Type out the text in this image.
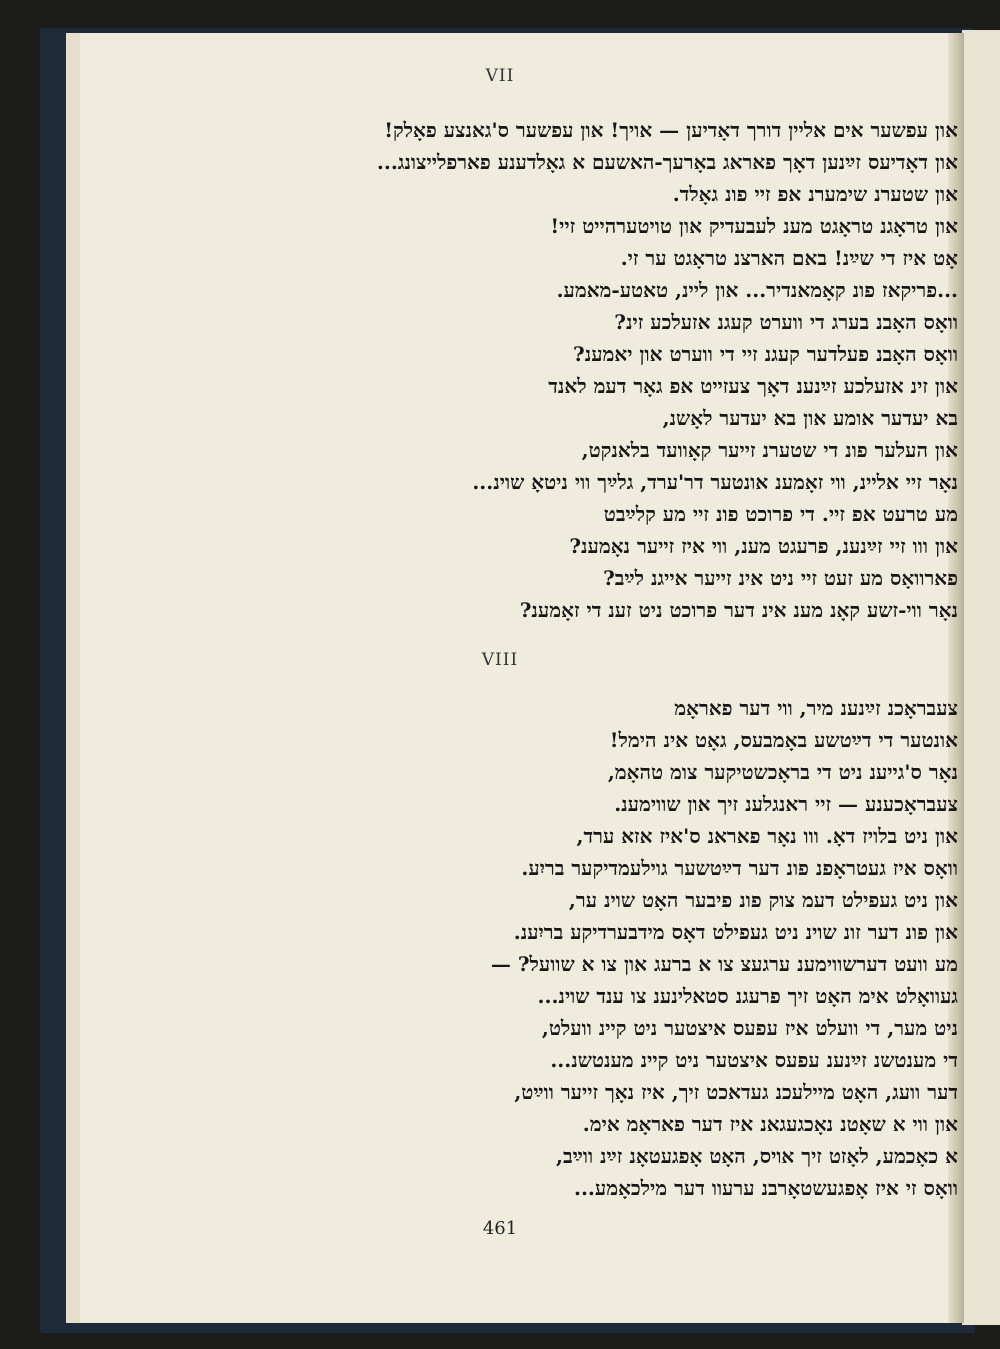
VII
און עפשער אים אליין דורך דאָדיען — אויך! און עפשער ס'גאנצע פאָלק!
און דאָדיעס זײַנען דאָך פאראג באָרעך-האשעם א גאָלדענע פארפלייצונג...
און שטערנ שימערנ אפ זיי פונ גאָלד.
און טראָגנ טראָגט מענ לעבעדיק און טויטערהייט זיי!
אָט איז די שײַנ! באם הארצנ טראָגט ער זי.
...פריקאז פונ קאָמאנדיר... און ליינ, טאטע-מאמע.
וואָס האָבנ בערג די ווערט קעגנ אזעלכע זינ?
וואָס האָבנ פעלדער קעגנ זיי די ווערט און יאמענ?
און זינ אזעלכע זײַנענ דאָך צעזייט אפ גאָר דעמ לאנד
בא יעדער אומע און בא יעדער לאָשנ,
און העלער פונ די שטערנ זייער קאָוועד בלאנקט,
נאָר זיי אליינ, ווי זאָמענ אונטער דר'ערד, גלײַך ווי ניטאָ שוינ...
מע טרעט אפ זיי. די פרוכט פונ זיי מע קלײַבט
און ווו זיי זײַנענ, פרעגט מענ, ווי איז זייער נאָמענ?
פארוואָס מע זעט זיי ניט אינ זייער אייגנ לײַב?
נאָר ווי-זשע קאָנ מענ אינ דער פרוכט ניט זענ די זאָמענ?
VIII
צעבראָכנ זײַנענ מיר, ווי דער פאראָמ
אונטער די דײַטשע באָמבעס, גאָט אינ הימל!
נאָר ס'גייענ ניט די בראָכשטיקער צומ טהאָמ,
צעבראָכענע — זיי ראנגלענ זיך און שווימענ.
און ניט בלויז דאָ. ווו נאָר פאראנ ס'איז אזא ערד,
וואָס איז געטראָפנ פונ דער דײַטשער גוילעמדיקער בריִע.
און ניט געפילט דעמ צוק פונ פיבער האָט שוינ ער,
און פונ דער זונ שוינ ניט געפילט דאָס מידבערדיקע בריִענ.
מע וועט דערשווימענ ערגעצ צו א ברעג און צו א שוועל? —
געוואָלט אימ האָט זיך פרעגנ סטאלינענ צו ענד שוינ...
ניט מער, די וועלט איז עפעס איצטער ניט קיינ וועלט,
די מענטשנ זײַנענ עפעס איצטער ניט קיינ מענטשנ...
דער וועג, האָט מיילעכנ געדאכט זיך, איז נאָך זייער ווײַט,
און ווי א שאָטנ נאָכגעגאנ איז דער פאראָמ אימ.
א כאָכמע, לאָזט זיך אויס, האָט אָפגעטאָנ זײַנ ווײַב,
וואָס זי איז אָפגעשטאָרבנ ערעוו דער מילכאָמע...
461
